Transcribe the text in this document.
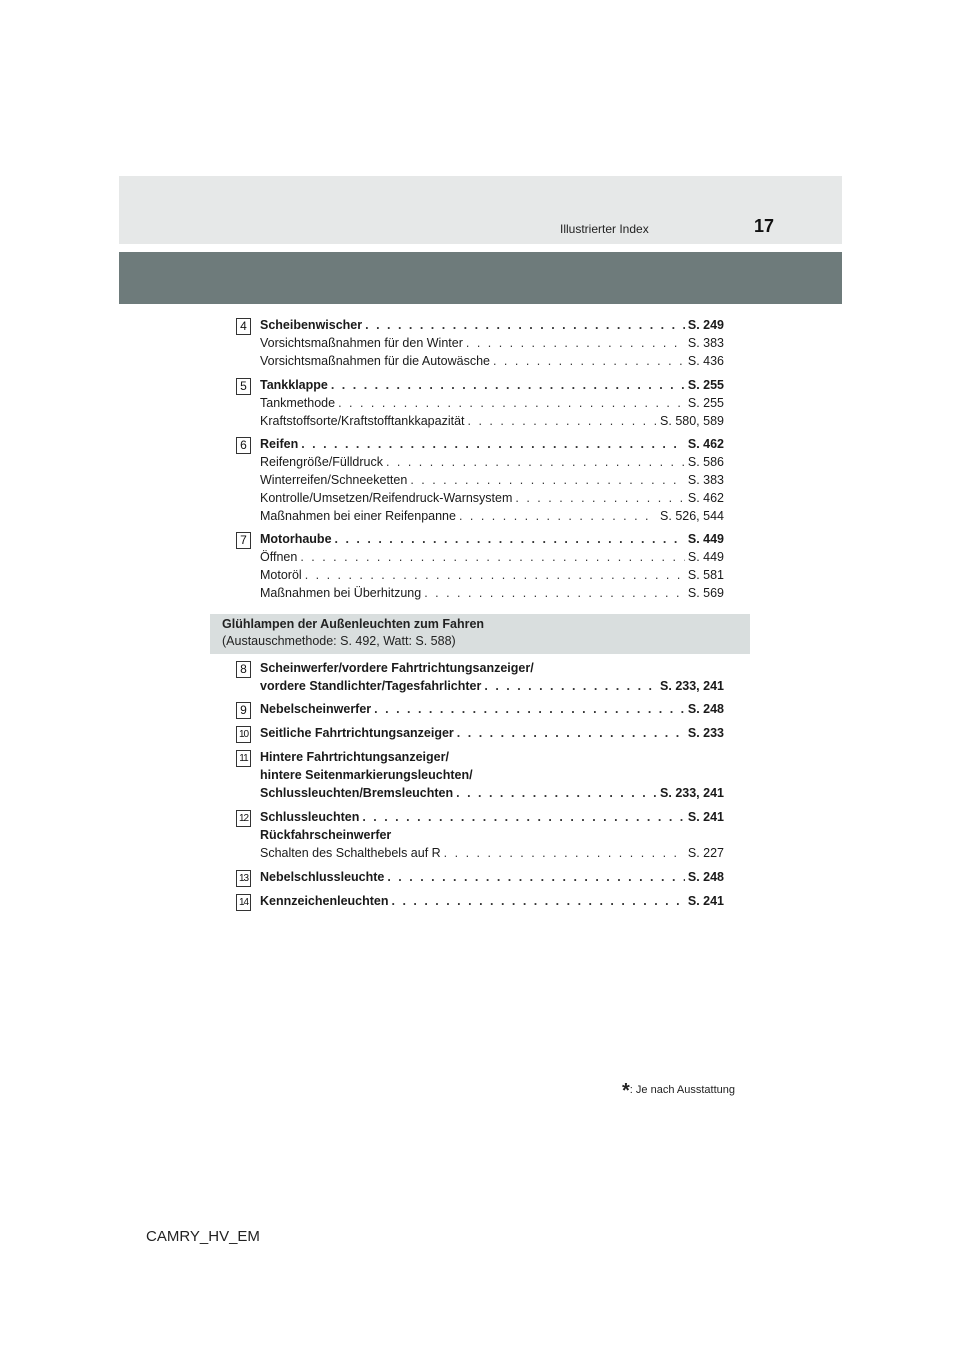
Illustrierter Index	17
4	Scheibenwischer . . .	S. 249
Vorsichtsmaßnahmen für den Winter . . .	S. 383
Vorsichtsmaßnahmen für die Autowäsche . . .	S. 436
5	Tankklappe . . .	S. 255
Tankmethode . . .	S. 255
Kraftstoffsorte/Kraftstofftankkapazität . . .	S. 580, 589
6	Reifen . . .	S. 462
Reifengröße/Fülldruck . . .	S. 586
Winterreifen/Schneeketten . . .	S. 383
Kontrolle/Umsetzen/Reifendruck-Warnsystem . . .	S. 462
Maßnahmen bei einer Reifenpanne . . .	S. 526, 544
7	Motorhaube . . .	S. 449
Öffnen . . .	S. 449
Motoröl . . .	S. 581
Maßnahmen bei Überhitzung . . .	S. 569
Glühlampen der Außenleuchten zum Fahren
(Austauschmethode: S. 492, Watt: S. 588)
8	Scheinwerfer/vordere Fahrtrichtungsanzeiger/
vordere Standlichter/Tagesfahrlichter . . .	S. 233, 241
9	Nebelscheinwerfer . . .	S. 248
10 Seitliche Fahrtrichtungsanzeiger . . .	S. 233
11 Hintere Fahrtrichtungsanzeiger/
hintere Seitenmarkierungsleuchten/
Schlussleuchten/Bremsleuchten . . .	S. 233, 241
12 Schlussleuchten . . .	S. 241
Rückfahrscheinwerfer
Schalten des Schalthebels auf R . . .	S. 227
13 Nebelschlussleuchte . . .	S. 248
14 Kennzeichenleuchten . . .	S. 241
*: Je nach Ausstattung
CAMRY_HV_EM
